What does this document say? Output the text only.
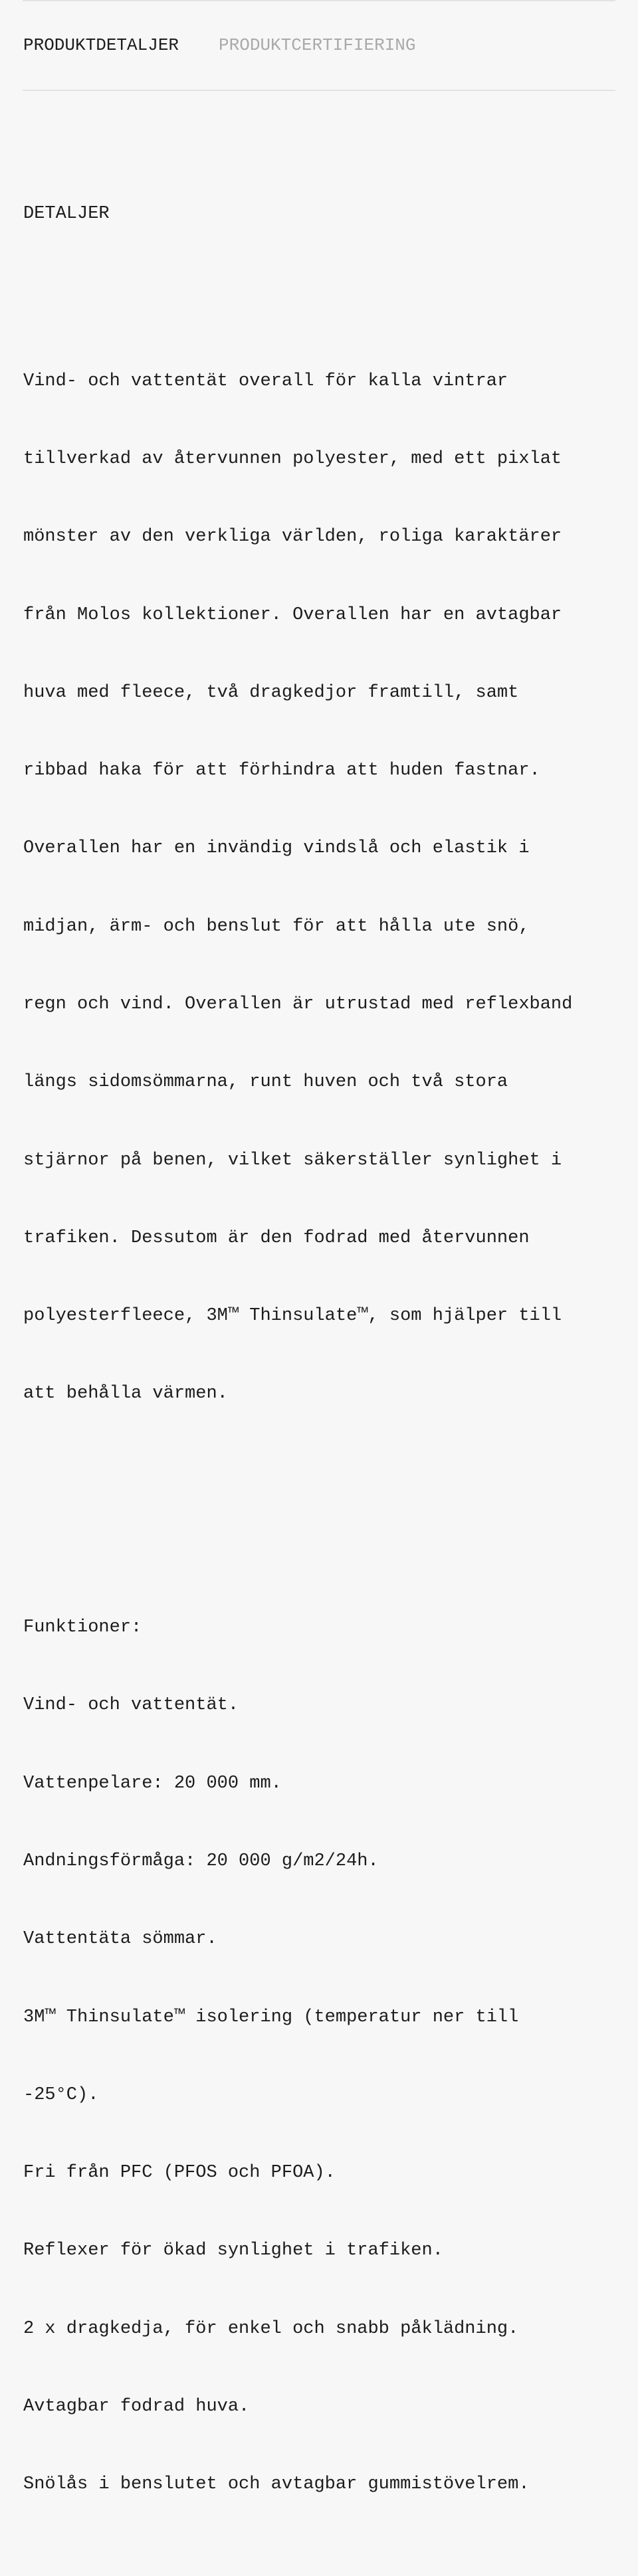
PRODUKTDETALJER PRODUKTCERTIFIERING

DETALJER

Vind- och vattentät overall för kalla vintrar

tillverkad av återvunnen polyester, med ett pixlat

mönster av den verkliga världen, roliga karaktärer

från Molos kollektioner. Overallen har en avtagbar

huva med fleece, två dragkedjor framtill, samt

ribbad haka för att förhindra att huden fastnar.

Overallen har en invändig vindslå och elastik i

midjan, ärm- och benslut för att hålla ute snö,

regn och vind. Overallen är utrustad med reflexband

längs sidomsömmarna, runt huven och två stora

stjärnor på benen, vilket säkerställer synlighet i

trafiken. Dessutom är den fodrad med återvunnen

polyesterfleece, 3M™ Thinsulate™, som hjälper till

att behålla värmen.

Funktioner:

Vind- och vattentät.

Vattenpelare: 20 000 mm.

Andningsförmåga: 20 000 g/m2/24h.

Vattentäta sömmar.

3M™ Thinsulate™ isolering (temperatur ner till

-25°C).

Fri från PFC (PFOS och PFOA).

Reflexer för ökad synlighet i trafiken.

2 x dragkedja, för enkel och snabb påklädning.

Avtagbar fodrad huva.

Snölås i benslutet och avtagbar gummistövelrem.
